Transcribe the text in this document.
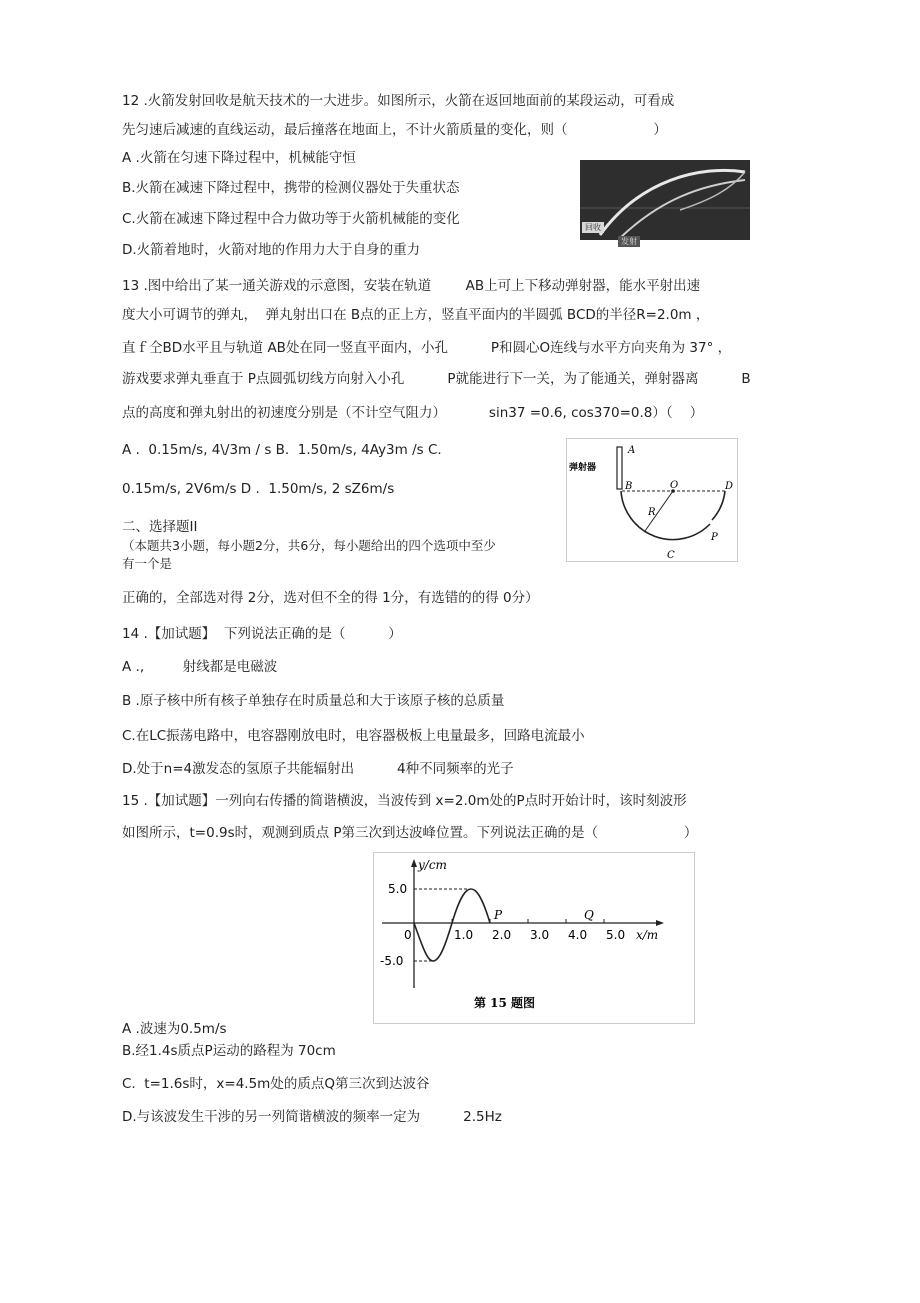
12 .火箭发射回收是航天技术的一大进步。如图所示，火箭在返回地面前的某段运动，可看成
先匀速后减速的直线运动，最后撞落在地面上，不计火箭质量的变化，则（                    ）
A .火箭在匀速下降过程中，机械能守恒
B.火箭在减速下降过程中，携带的检测仪器处于失重状态
C.火箭在减速下降过程中合力做功等于火箭机械能的变化
D.火箭着地时，火箭对地的作用力大于自身的重力
回收
发射
13 .图中给出了某一通关游戏的示意图，安装在轨道        AB上可上下移动弹射器，能水平射出速
度大小可调节的弹丸，  弹丸射出口在 B点的正上方，竖直平面内的半圆弧 BCD的半径R=2.0m ，
直ｆ仝BD水平且与轨道 AB处在同一竖直平面内，小孔          P和圆心O连线与水平方向夹角为 37° ，
游戏要求弹丸垂直于 P点圆弧切线方向射入小孔          P就能进行下一关，为了能通关，弹射器离          B
点的高度和弹丸射出的初速度分别是（不计空气阻力）          sin37 =0.6, cos370=0.8）（    ）
A .  0.15m/s, 4\/3m / s B.  1.50m/s, 4Ay3m /s C.
0.15m/s, 2V6m/s D .  1.50m/s, 2 sZ6m/s
A
弹射器
B	O	D
R
P
C
二、选择题II
（本题共3小题，每小题2分，共6分，每小题给出的四个选项中至少
有一个是
正确的，全部选对得 2分，选对但不全的得 1分，有选错的的得 0分）
14 .【加试题】  下列说法正确的是（          ）
A .,         射线都是电磁波
B .原子核中所有核子单独存在时质量总和大于该原子核的总质量
C.在LC振荡电路中，电容器刚放电时，电容器极板上电量最多，回路电流最小
D.处于n=4激发态的氢原子共能辐射出          4种不同频率的光子
15 .【加试题】一列向右传播的简谐横波，当波传到 x=2.0m处的P点时开始计时，该时刻波形
如图所示，t=0.9s时，观测到质点 P第三次到达波峰位置。下列说法正确的是（                    ）
y/cm
x/m
5.0
-5.0
0	1.0 2.0 3.0 4.0 5.0
P	Q
第 15 题图
A .波速为0.5m/s
B.经1.4s质点P运动的路程为 70cm
C.  t=1.6s时，x=4.5m处的质点Q第三次到达波谷
D.与该波发生干涉的另一列简谐横波的频率一定为          2.5Hz
